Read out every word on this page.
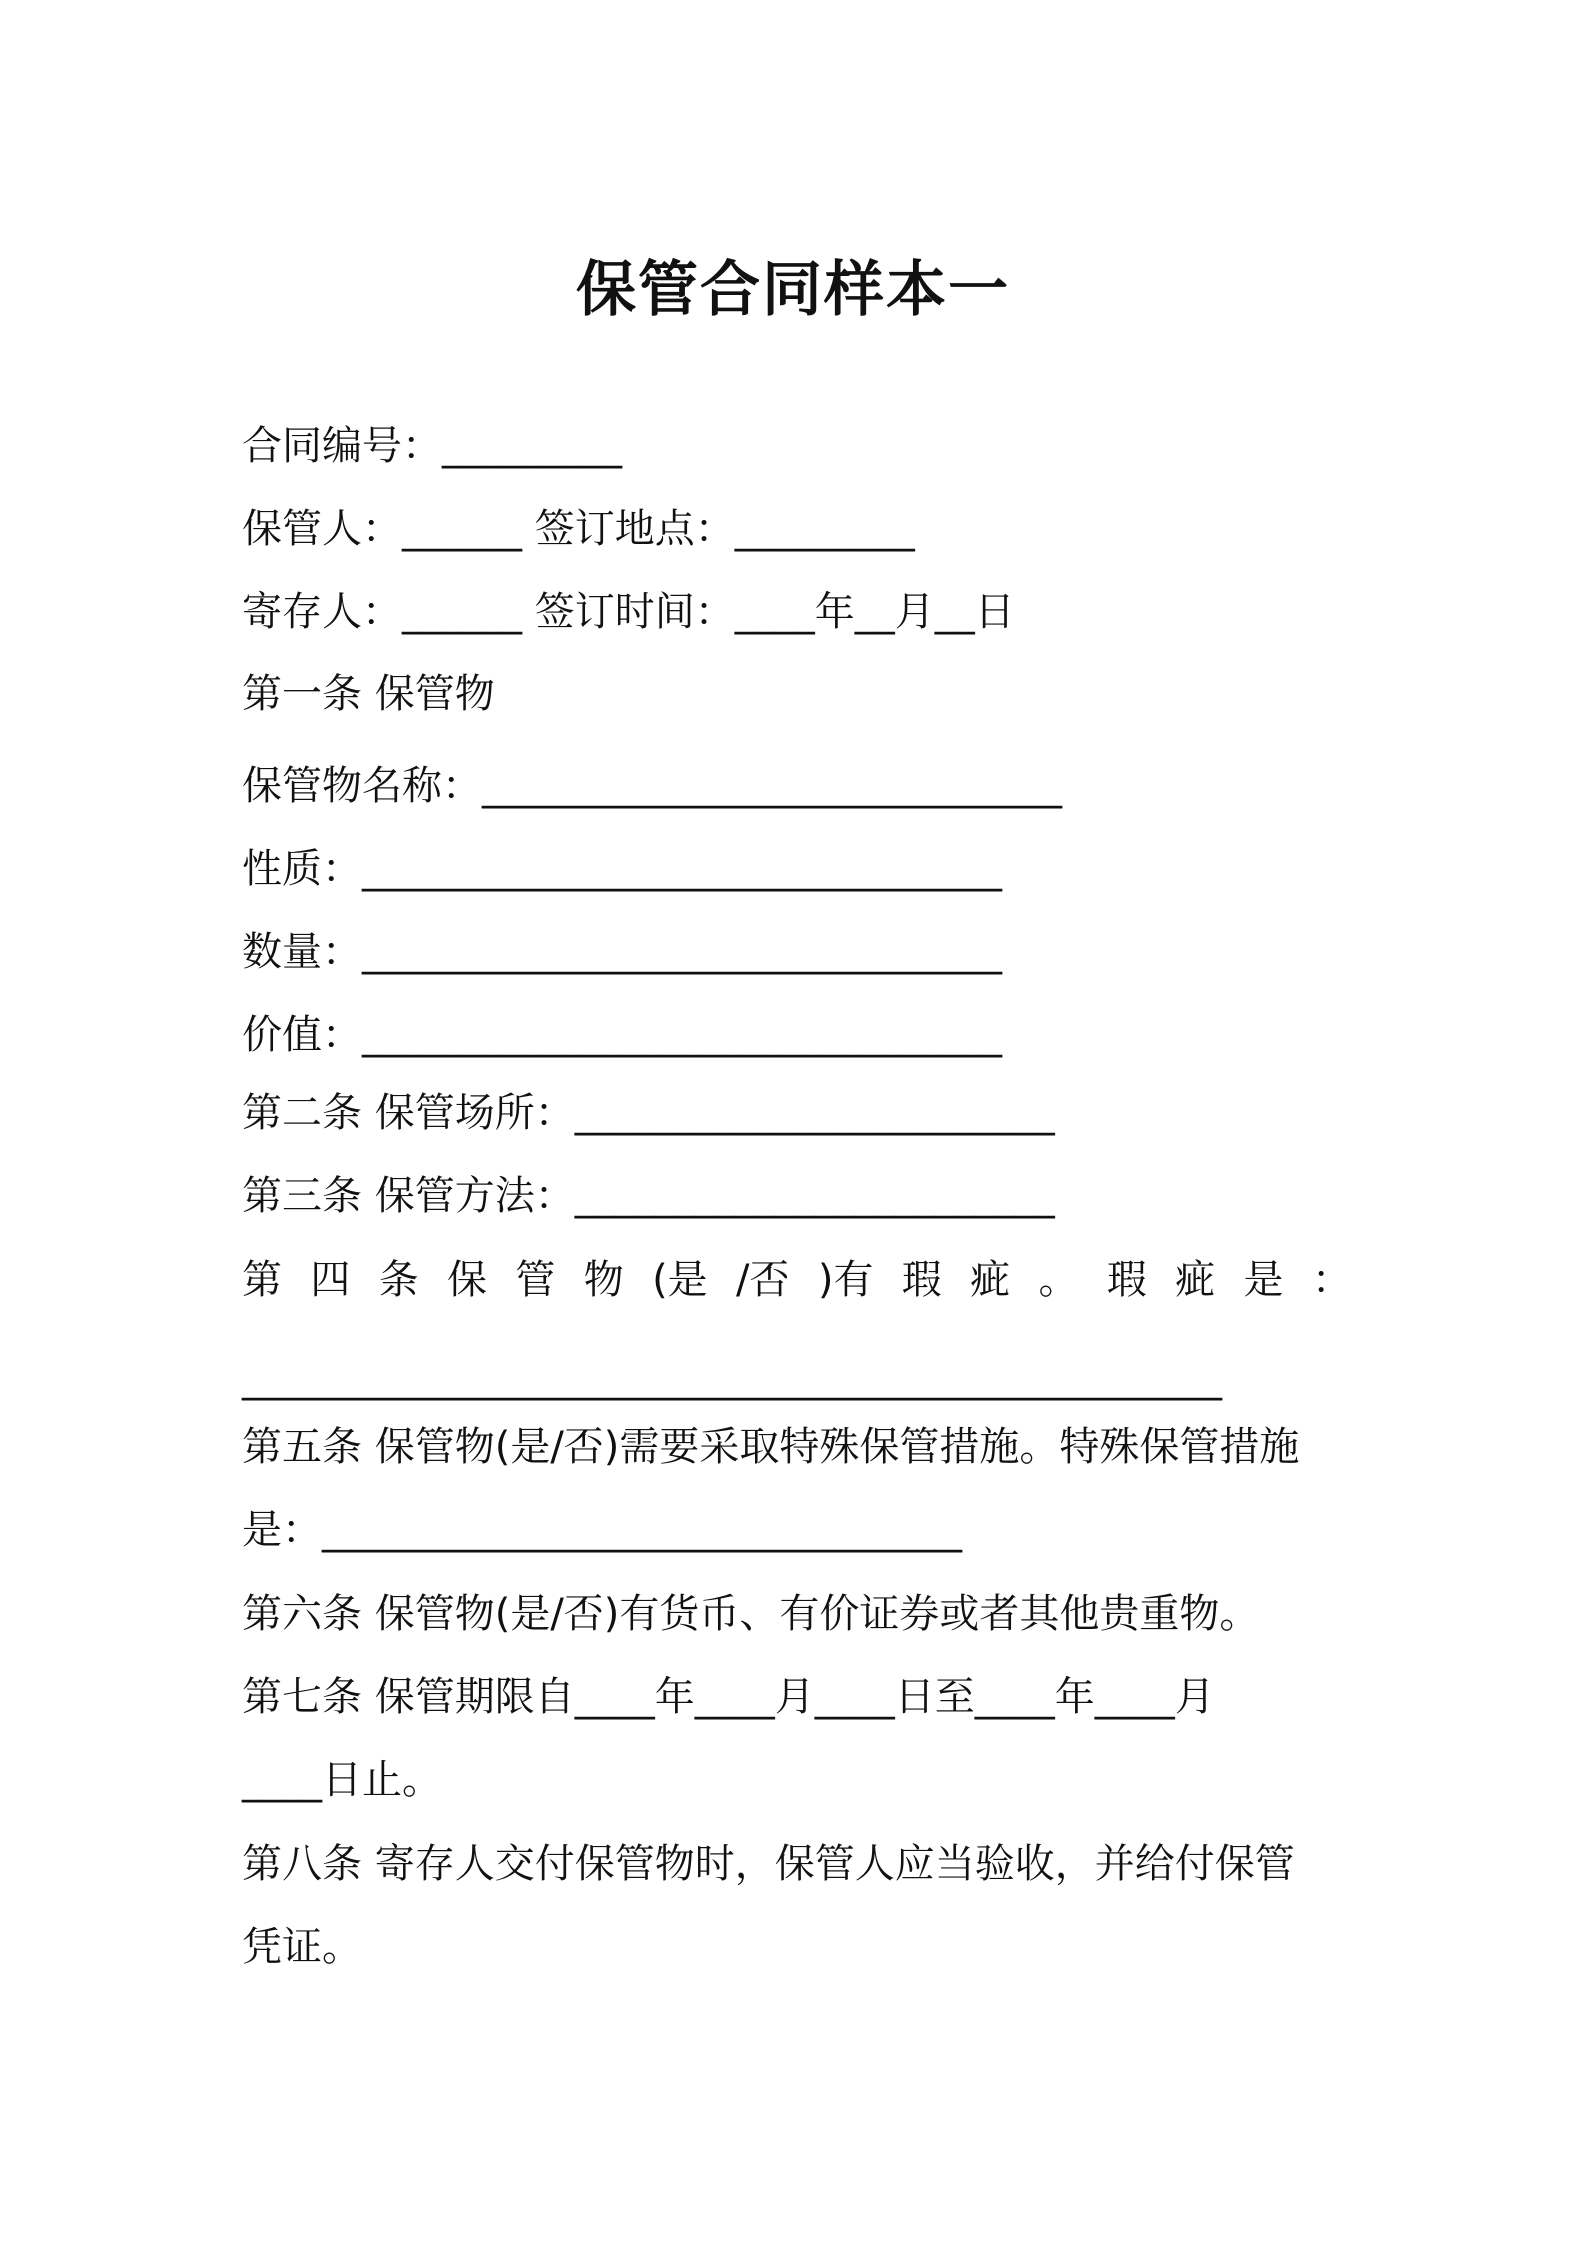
保管合同样本一
合同编号：_________
保管人：______ 签订地点：_________
寄存人：______ 签订时间：____年__月__日
第一条 保管物
保管物名称：_____________________________
性质：________________________________
数量：________________________________
价值：________________________________
第二条 保管场所：________________________
第三条 保管方法：________________________
第 四 条 保 管 物 (是 /否 )有 瑕 疵 。 瑕 疵 是 ：
_________________________________________________
第五条 保管物(是/否)需要采取特殊保管措施。特殊保管措施
是：________________________________
第六条 保管物(是/否)有货币、有价证券或者其他贵重物。
第七条 保管期限自____年____月____日至____年____月
____日止。
第八条 寄存人交付保管物时，保管人应当验收，并给付保管
凭证。
